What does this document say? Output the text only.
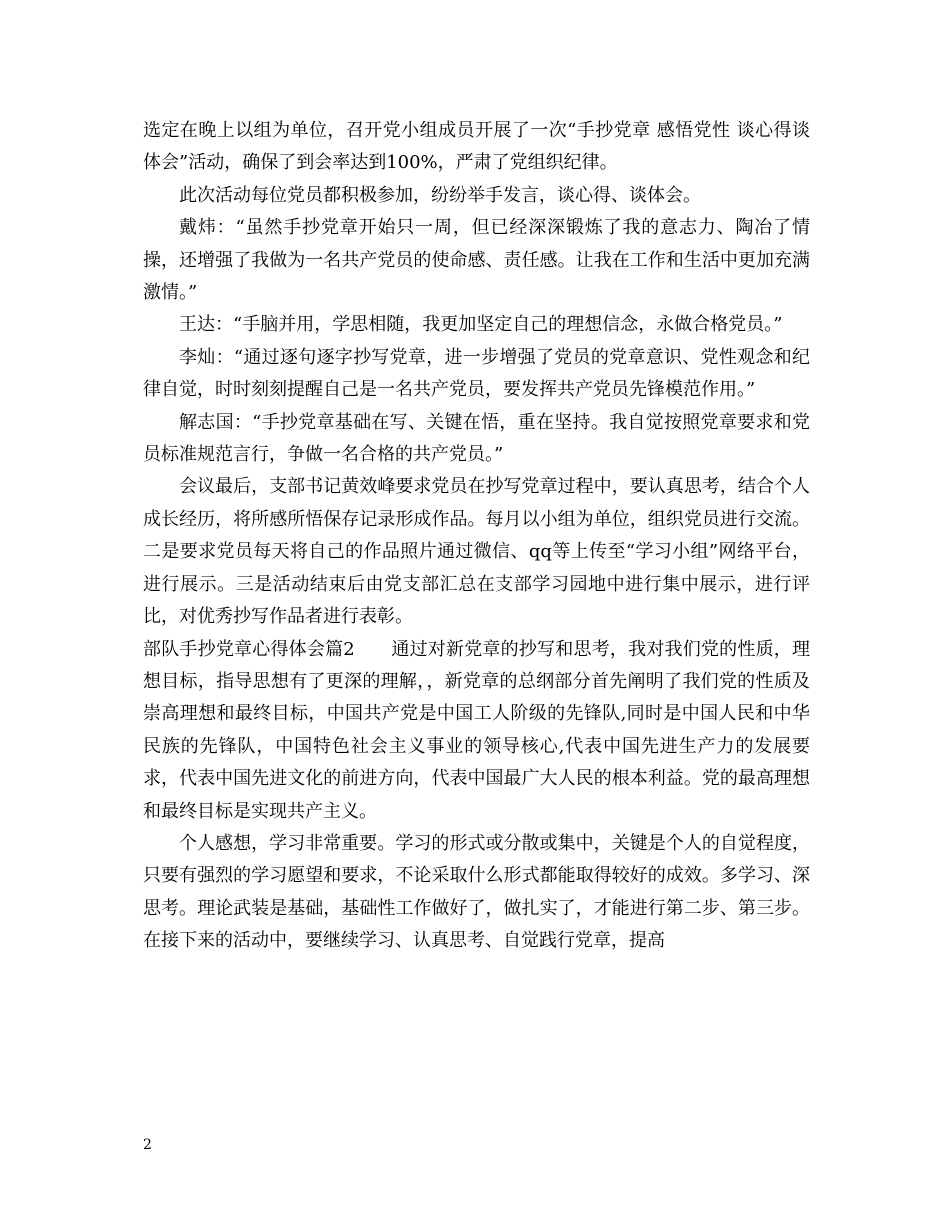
选定在晚上以组为单位，召开党小组成员开展了一次“手抄党章 感悟党性 谈心得谈体会”活动，确保了到会率达到100%，严肃了党组织纪律。

此次活动每位党员都积极参加，纷纷举手发言，谈心得、谈体会。

戴炜：“虽然手抄党章开始只一周，但已经深深锻炼了我的意志力、陶冶了情操，还增强了我做为一名共产党员的使命感、责任感。让我在工作和生活中更加充满激情。”

王达：“手脑并用，学思相随，我更加坚定自己的理想信念，永做合格党员。”

李灿：“通过逐句逐字抄写党章，进一步增强了党员的党章意识、党性观念和纪律自觉，时时刻刻提醒自己是一名共产党员，要发挥共产党员先锋模范作用。”

解志国：“手抄党章基础在写、关键在悟，重在坚持。我自觉按照党章要求和党员标准规范言行，争做一名合格的共产党员。”

会议最后，支部书记黄效峰要求党员在抄写党章过程中，要认真思考，结合个人成长经历，将所感所悟保存记录形成作品。每月以小组为单位，组织党员进行交流。二是要求党员每天将自己的作品照片通过微信、qq等上传至“学习小组”网络平台，进行展示。三是活动结束后由党支部汇总在支部学习园地中进行集中展示，进行评比，对优秀抄写作品者进行表彰。

部队手抄党章心得体会篇2　　通过对新党章的抄写和思考，我对我们党的性质，理想目标，指导思想有了更深的理解，，新党章的总纲部分首先阐明了我们党的性质及崇高理想和最终目标，中国共产党是中国工人阶级的先锋队,同时是中国人民和中华民族的先锋队，中国特色社会主义事业的领导核心,代表中国先进生产力的发展要求，代表中国先进文化的前进方向，代表中国最广大人民的根本利益。党的最高理想和最终目标是实现共产主义。

个人感想，学习非常重要。学习的形式或分散或集中，关键是个人的自觉程度，只要有强烈的学习愿望和要求，不论采取什么形式都能取得较好的成效。多学习、深思考。理论武装是基础，基础性工作做好了，做扎实了，才能进行第二步、第三步。在接下来的活动中，要继续学习、认真思考、自觉践行党章，提高

2
